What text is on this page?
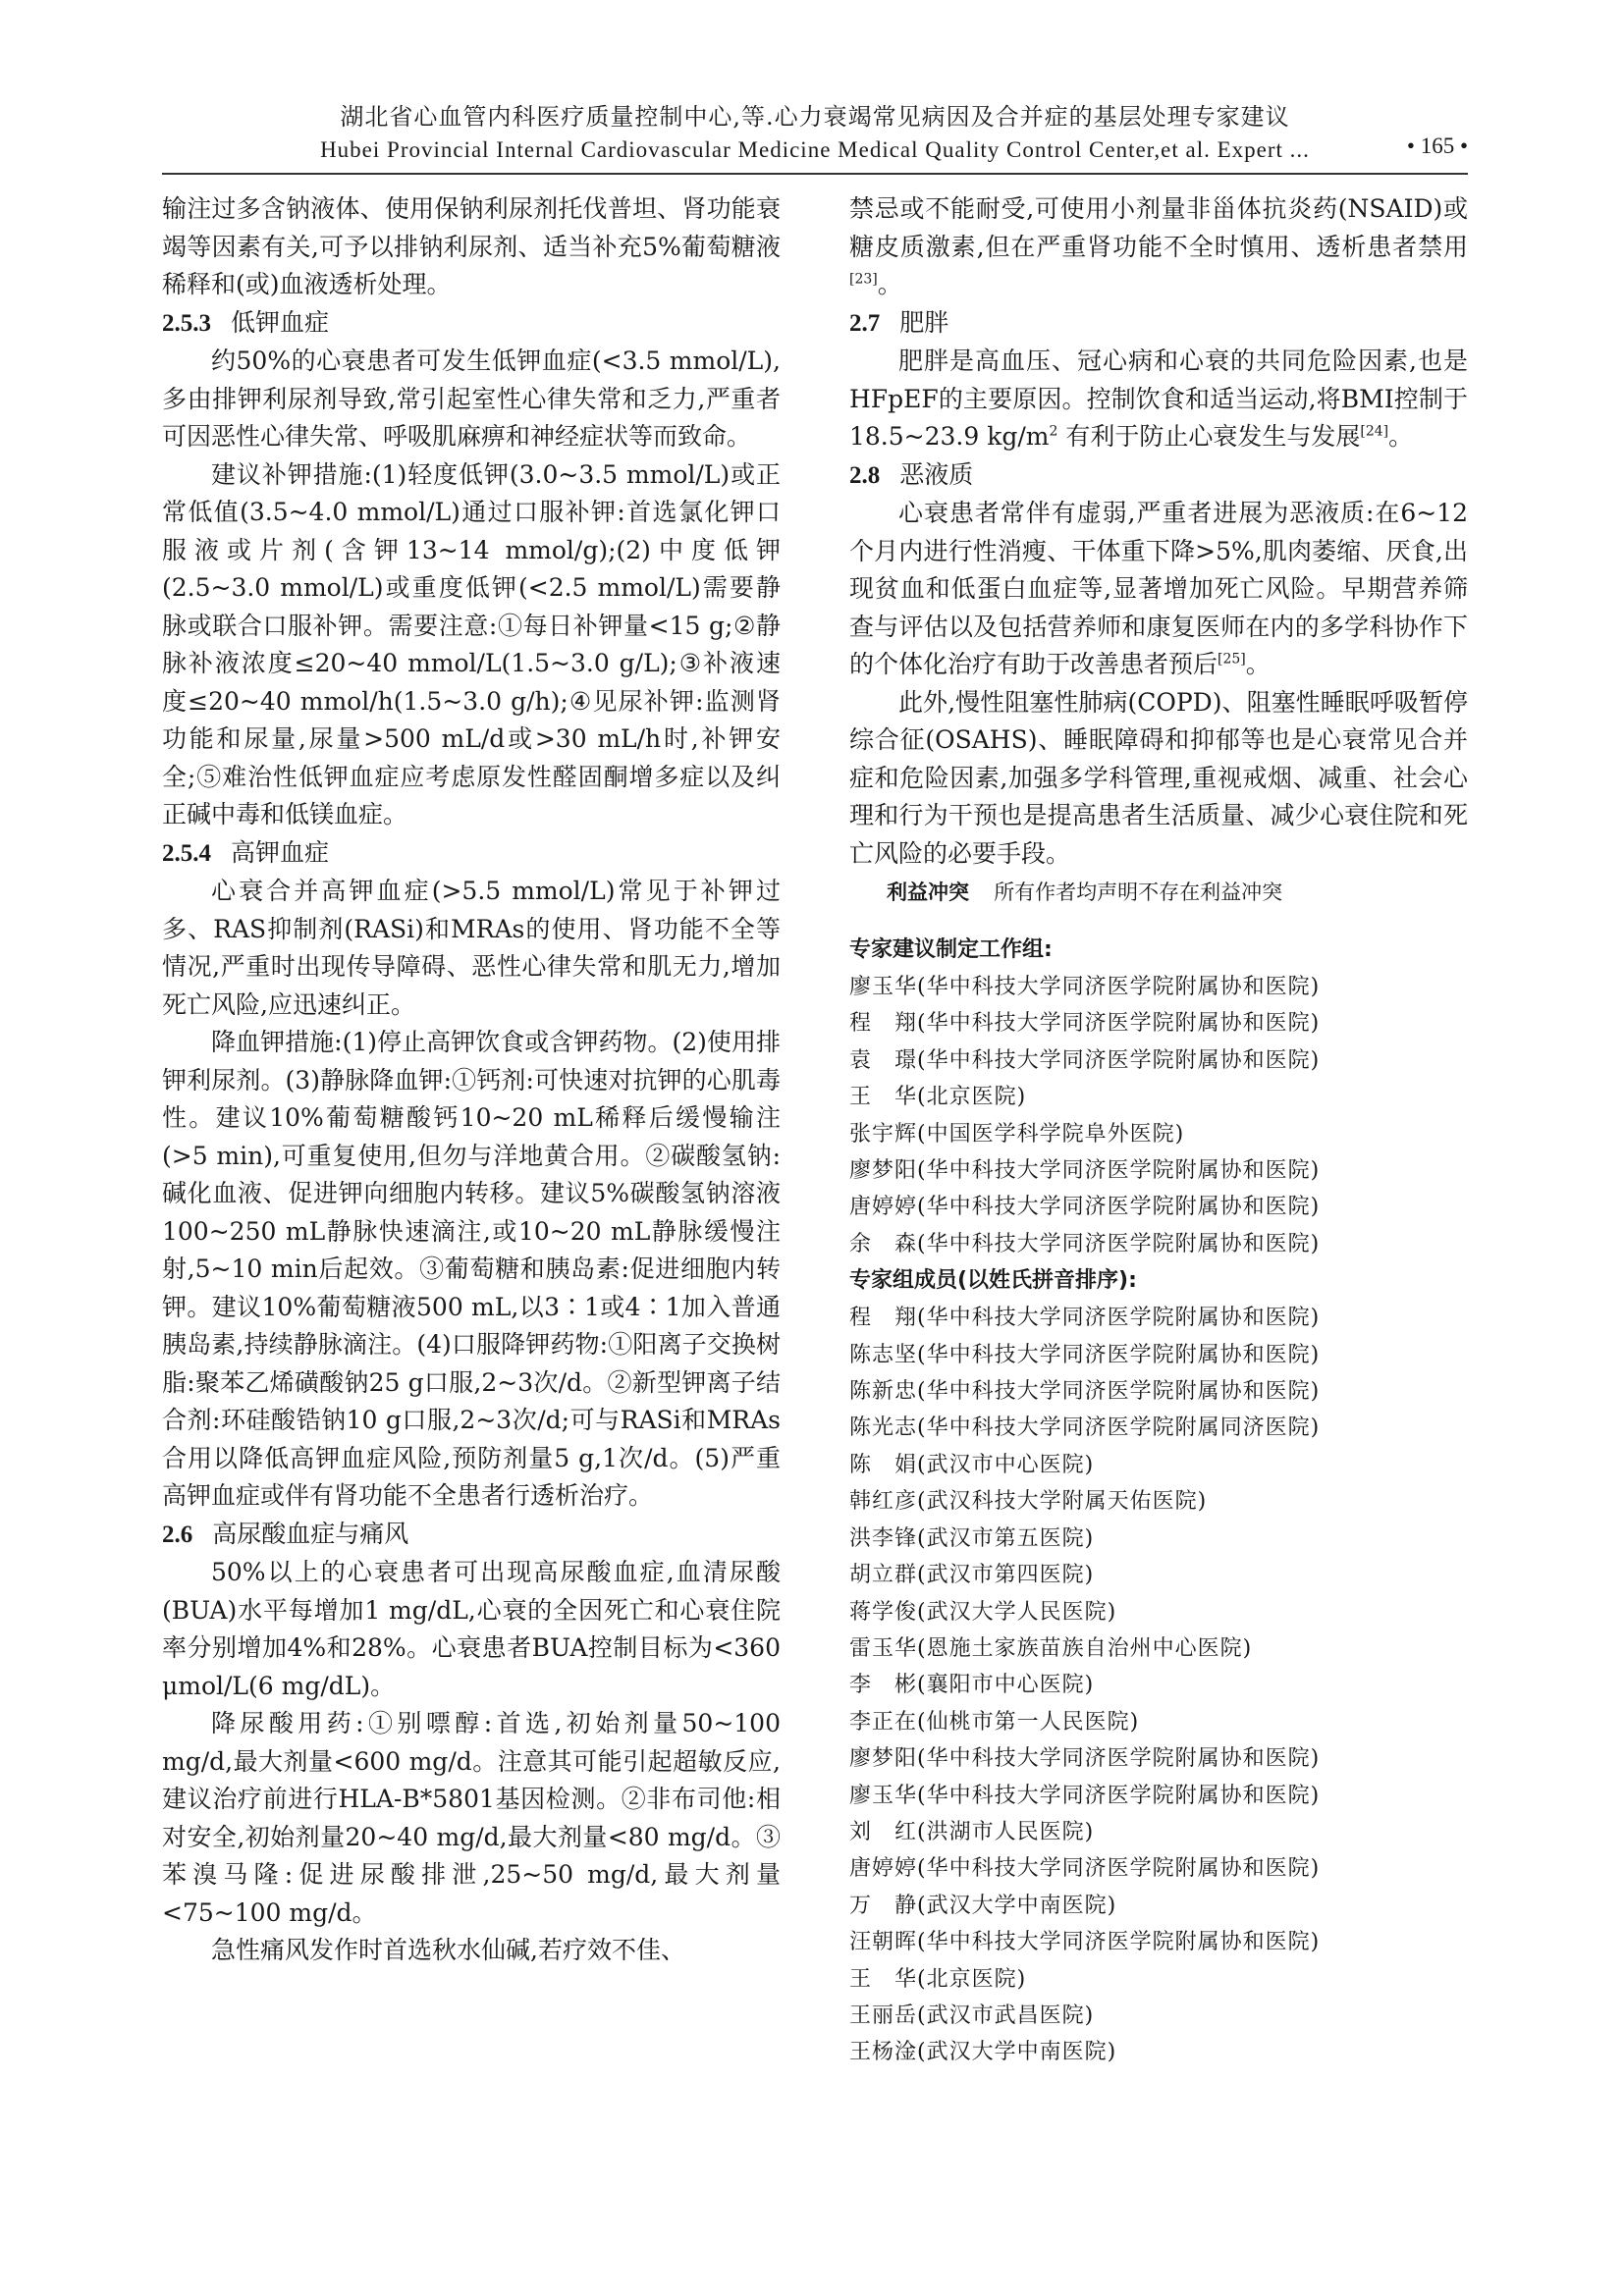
湖北省心血管内科医疗质量控制中心,等.心力衰竭常见病因及合并症的基层处理专家建议
Hubei Provincial Internal Cardiovascular Medicine Medical Quality Control Center,et al. Expert ...	• 165 •

输注过多含钠液体、使用保钠利尿剂托伐普坦、肾功能衰竭等因素有关,可予以排钠利尿剂、适当补充5%葡萄糖液稀释和(或)血液透析处理。

2.5.3 低钾血症

约50%的心衰患者可发生低钾血症(<3.5 mmol/L),多由排钾利尿剂导致,常引起室性心律失常和乏力,严重者可因恶性心律失常、呼吸肌麻痹和神经症状等而致命。

建议补钾措施:(1)轻度低钾(3.0~3.5 mmol/L)或正常低值(3.5~4.0 mmol/L)通过口服补钾:首选氯化钾口服液或片剂(含钾13~14 mmol/g);(2)中度低钾(2.5~3.0 mmol/L)或重度低钾(<2.5 mmol/L)需要静脉或联合口服补钾。需要注意:①每日补钾量<15 g;②静脉补液浓度≤20~40 mmol/L(1.5~3.0 g/L);③补液速度≤20~40 mmol/h(1.5~3.0 g/h);④见尿补钾:监测肾功能和尿量,尿量>500 mL/d或>30 mL/h时,补钾安全;⑤难治性低钾血症应考虑原发性醛固酮增多症以及纠正碱中毒和低镁血症。

2.5.4 高钾血症

心衰合并高钾血症(>5.5 mmol/L)常见于补钾过多、RAS抑制剂(RASi)和MRAs的使用、肾功能不全等情况,严重时出现传导障碍、恶性心律失常和肌无力,增加死亡风险,应迅速纠正。

降血钾措施:(1)停止高钾饮食或含钾药物。(2)使用排钾利尿剂。(3)静脉降血钾:①钙剂:可快速对抗钾的心肌毒性。建议10%葡萄糖酸钙10~20 mL稀释后缓慢输注(>5 min),可重复使用,但勿与洋地黄合用。②碳酸氢钠:碱化血液、促进钾向细胞内转移。建议5%碳酸氢钠溶液100~250 mL静脉快速滴注,或10~20 mL静脉缓慢注射,5~10 min后起效。③葡萄糖和胰岛素:促进细胞内转钾。建议10%葡萄糖液500 mL,以3∶1或4∶1加入普通胰岛素,持续静脉滴注。(4)口服降钾药物:①阳离子交换树脂:聚苯乙烯磺酸钠25 g口服,2~3次/d。②新型钾离子结合剂:环硅酸锆钠10 g口服,2~3次/d;可与RASi和MRAs合用以降低高钾血症风险,预防剂量5 g,1次/d。(5)严重高钾血症或伴有肾功能不全患者行透析治疗。

2.6 高尿酸血症与痛风

50%以上的心衰患者可出现高尿酸血症,血清尿酸(BUA)水平每增加1 mg/dL,心衰的全因死亡和心衰住院率分别增加4%和28%。心衰患者BUA控制目标为<360 μmol/L(6 mg/dL)。

降尿酸用药:①别嘌醇:首选,初始剂量50~100 mg/d,最大剂量<600 mg/d。注意其可能引起超敏反应,建议治疗前进行HLA-B*5801基因检测。②非布司他:相对安全,初始剂量20~40 mg/d,最大剂量<80 mg/d。③苯溴马隆:促进尿酸排泄,25~50 mg/d,最大剂量<75~100 mg/d。

急性痛风发作时首选秋水仙碱,若疗效不佳、

禁忌或不能耐受,可使用小剂量非甾体抗炎药(NSAID)或糖皮质激素,但在严重肾功能不全时慎用、透析患者禁用[23]。

2.7 肥胖

肥胖是高血压、冠心病和心衰的共同危险因素,也是HFpEF的主要原因。控制饮食和适当运动,将BMI控制于18.5~23.9 $kg/m^2$ 有利于防止心衰发生与发展[24]。

2.8 恶液质

心衰患者常伴有虚弱,严重者进展为恶液质:在6~12个月内进行性消瘦、干体重下降>5%,肌肉萎缩、厌食,出现贫血和低蛋白血症等,显著增加死亡风险。早期营养筛查与评估以及包括营养师和康复医师在内的多学科协作下的个体化治疗有助于改善患者预后[25]。

此外,慢性阻塞性肺病(COPD)、阻塞性睡眠呼吸暂停综合征(OSAHS)、睡眠障碍和抑郁等也是心衰常见合并症和危险因素,加强多学科管理,重视戒烟、减重、社会心理和行为干预也是提高患者生活质量、减少心衰住院和死亡风险的必要手段。

利益冲突 所有作者均声明不存在利益冲突
专家建议制定工作组:
廖玉华(华中科技大学同济医学院附属协和医院)
程　翔(华中科技大学同济医学院附属协和医院)
袁　璟(华中科技大学同济医学院附属协和医院)
王　华(北京医院)
张宇辉(中国医学科学院阜外医院)
廖梦阳(华中科技大学同济医学院附属协和医院)
唐婷婷(华中科技大学同济医学院附属协和医院)
余　森(华中科技大学同济医学院附属协和医院)
专家组成员(以姓氏拼音排序):
程　翔(华中科技大学同济医学院附属协和医院)
陈志坚(华中科技大学同济医学院附属协和医院)
陈新忠(华中科技大学同济医学院附属协和医院)
陈光志(华中科技大学同济医学院附属同济医院)
陈　娟(武汉市中心医院)
韩红彦(武汉科技大学附属天佑医院)
洪李锋(武汉市第五医院)
胡立群(武汉市第四医院)
蒋学俊(武汉大学人民医院)
雷玉华(恩施土家族苗族自治州中心医院)
李　彬(襄阳市中心医院)
李正在(仙桃市第一人民医院)
廖梦阳(华中科技大学同济医学院附属协和医院)
廖玉华(华中科技大学同济医学院附属协和医院)
刘　红(洪湖市人民医院)
唐婷婷(华中科技大学同济医学院附属协和医院)
万　静(武汉大学中南医院)
汪朝晖(华中科技大学同济医学院附属协和医院)
王　华(北京医院)
王丽岳(武汉市武昌医院)
王杨淦(武汉大学中南医院)
